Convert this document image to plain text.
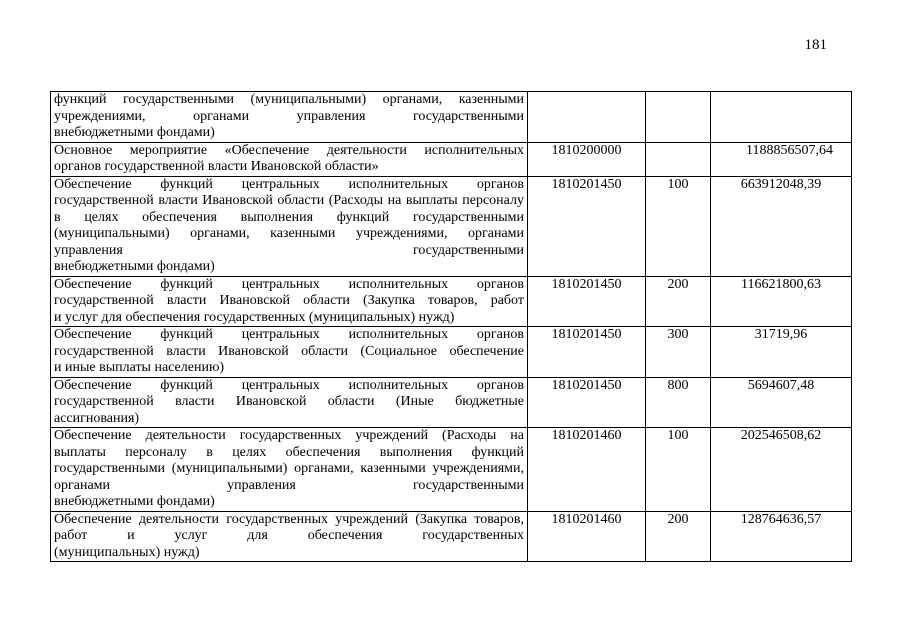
181
функций государственными (муниципальными) органами, казенными учреждениями, органами управления государственными
внебюджетными фондами)			

Основное мероприятие «Обеспечение деятельности исполнительных
органов государственной власти Ивановской области»	1810200000		1188856507,64
Обеспечение функций центральных исполнительных органов государственной власти Ивановской области (Расходы на выплаты персоналу в целях обеспечения выполнения функций государственными (муниципальными) органами, казенными учреждениями, органами управления государственными
внебюджетными фондами)	1810201450	100	663912048,39
Обеспечение функций центральных исполнительных органов государственной власти Ивановской области (Закупка товаров, работ
и услуг для обеспечения государственных (муниципальных) нужд)	1810201450	200	116621800,63
Обеспечение функций центральных исполнительных органов государственной власти Ивановской области (Социальное обеспечение
и иные выплаты населению)	1810201450	300	31719,96
Обеспечение функций центральных исполнительных органов государственной власти Ивановской области (Иные бюджетные
ассигнования)	1810201450	800	5694607,48
Обеспечение деятельности государственных учреждений (Расходы на выплаты персоналу в целях обеспечения выполнения функций государственными (муниципальными) органами, казенными учреждениями, органами управления государственными
внебюджетными фондами)	1810201460	100	202546508,62
Обеспечение деятельности государственных учреждений (Закупка товаров, работ и услуг для обеспечения государственных
(муниципальных) нужд)	1810201460	200	128764636,57
